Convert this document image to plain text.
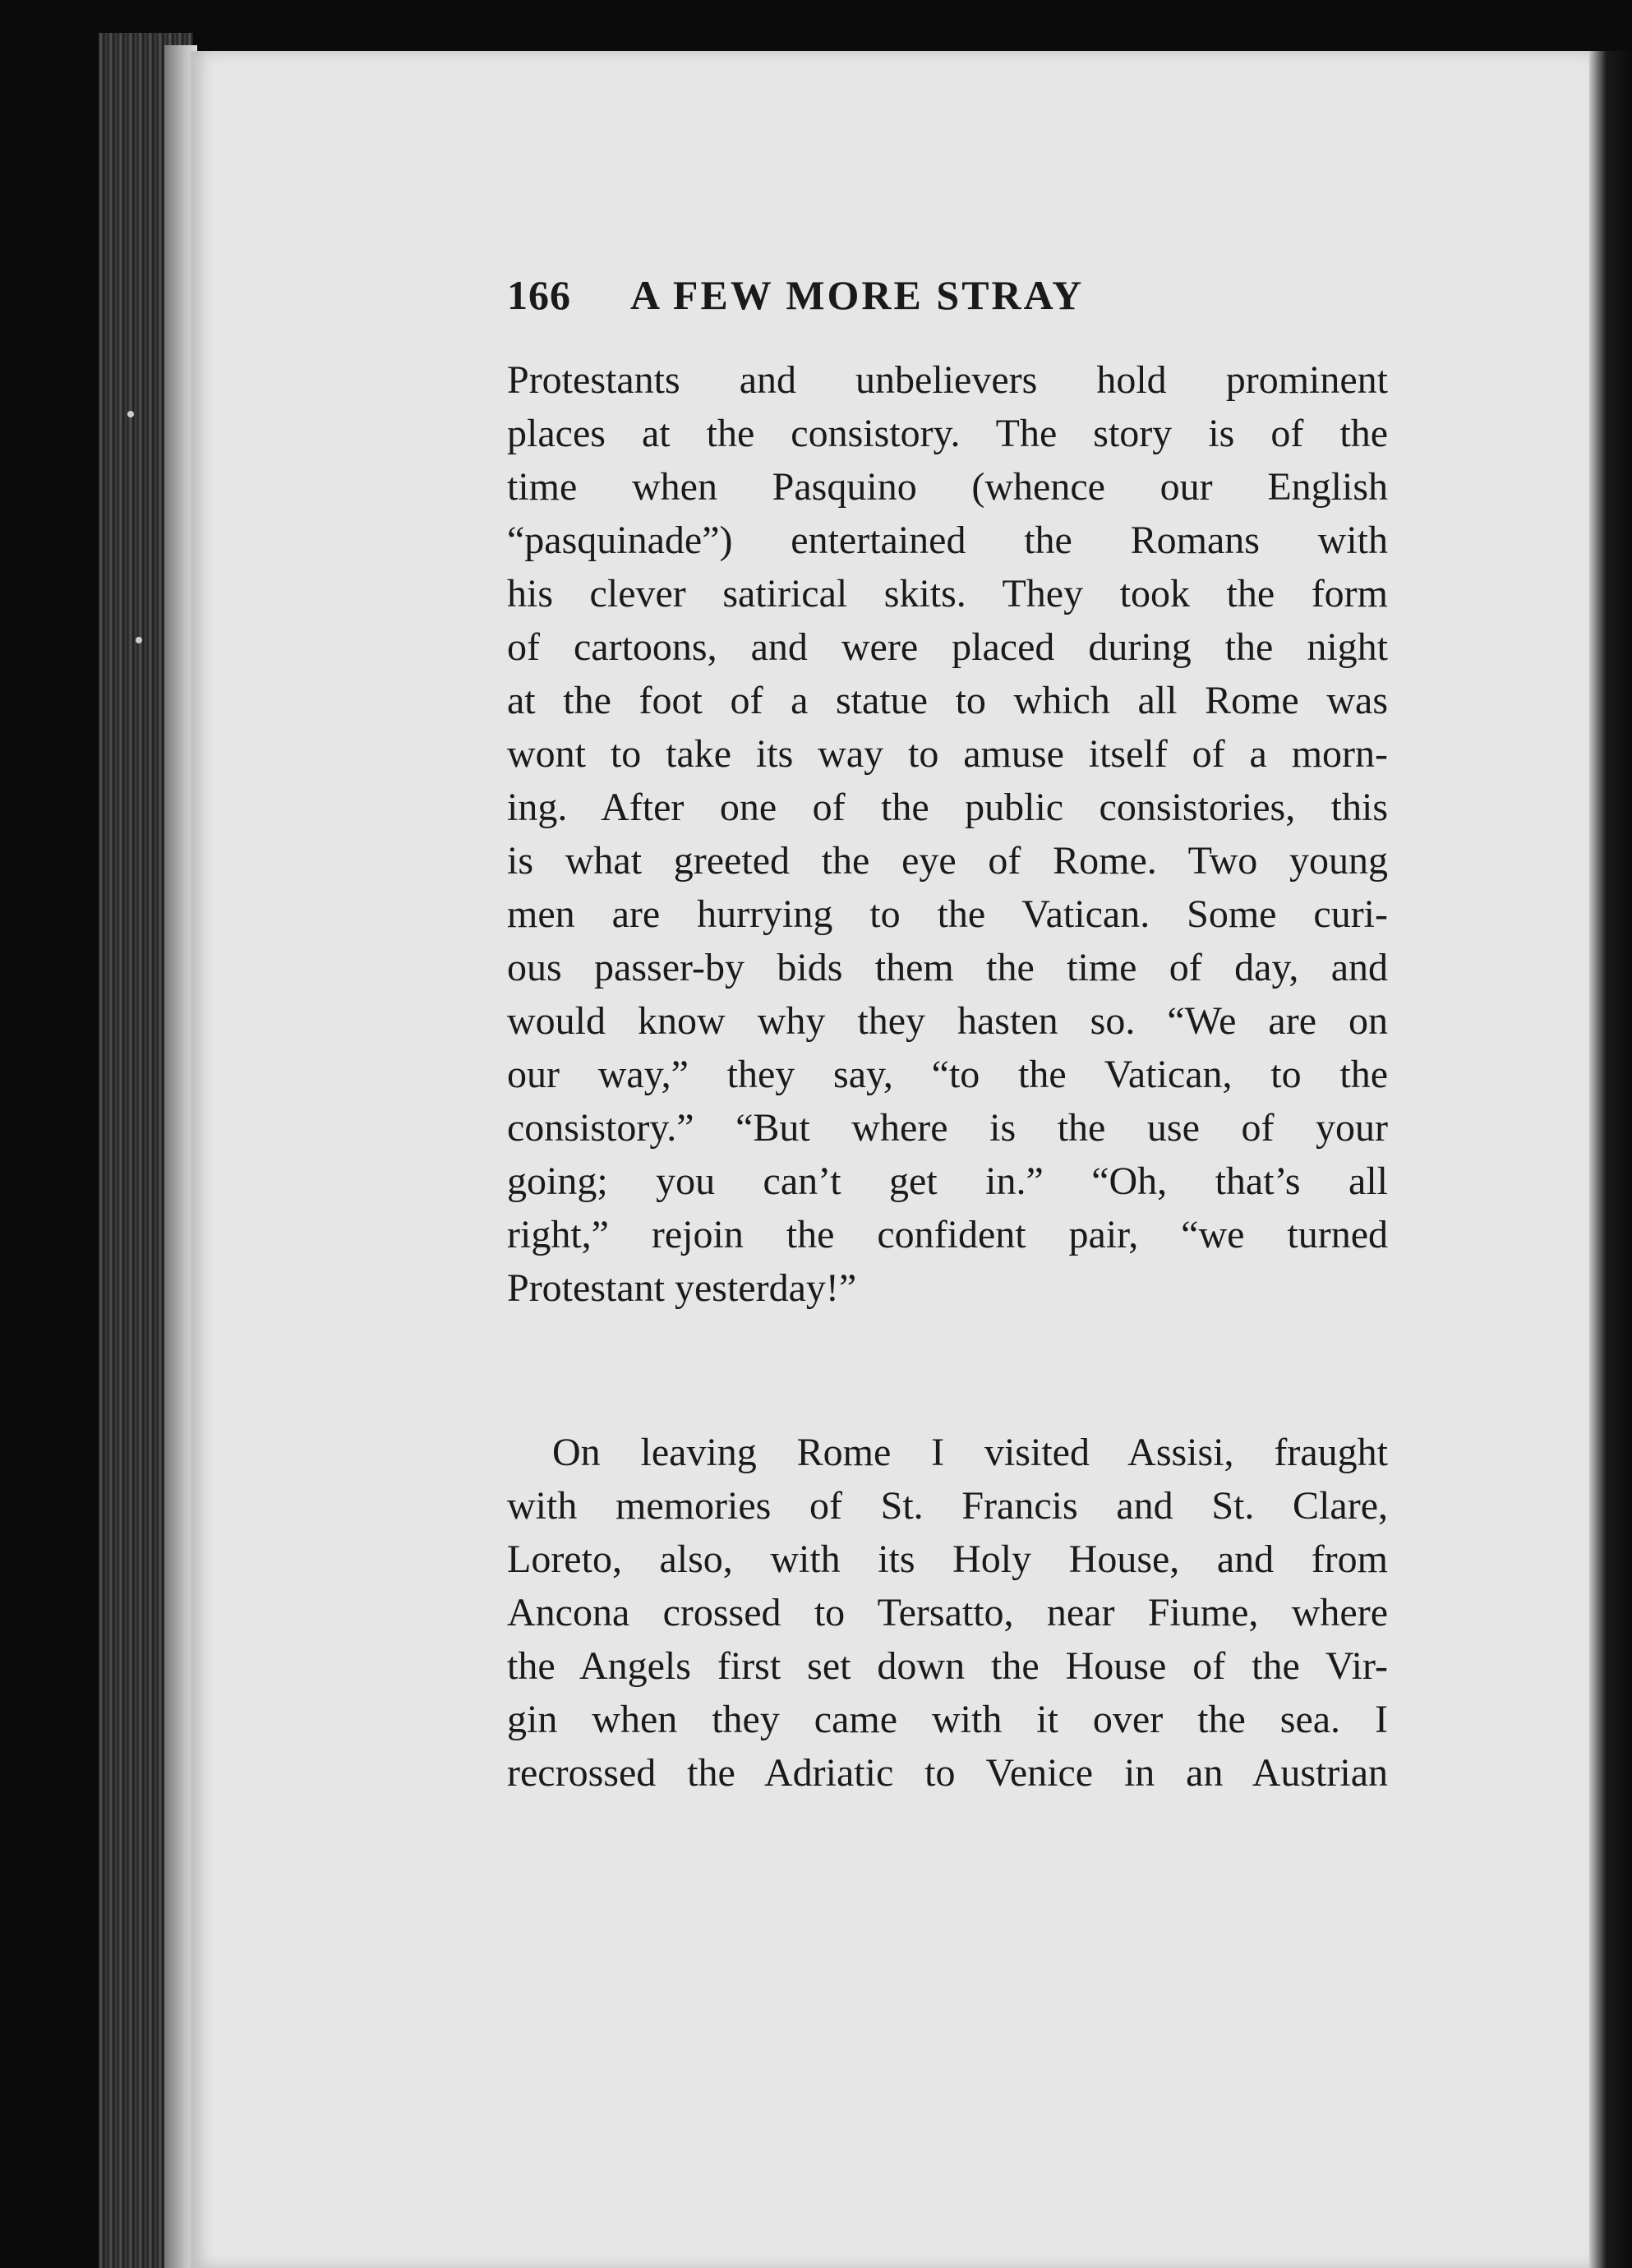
166	A FEW MORE STRAY
Protestants and unbelievers hold prominent
places at the consistory. The story is of the
time when Pasquino (whence our English
“pasquinade”) entertained the Romans with
his clever satirical skits. They took the form
of cartoons, and were placed during the night
at the foot of a statue to which all Rome was
wont to take its way to amuse itself of a morn-
ing. After one of the public consistories, this
is what greeted the eye of Rome. Two young
men are hurrying to the Vatican. Some curi-
ous passer-by bids them the time of day, and
would know why they hasten so. “We are on
our way,” they say, “to the Vatican, to the
consistory.” “But where is the use of your
going; you can’t get in.” “Oh, that’s all
right,” rejoin the confident pair, “we turned
Protestant yesterday!”
On leaving Rome I visited Assisi, fraught
with memories of St. Francis and St. Clare,
Loreto, also, with its Holy House, and from
Ancona crossed to Tersatto, near Fiume, where
the Angels first set down the House of the Vir-
gin when they came with it over the sea. I
recrossed the Adriatic to Venice in an Austrian
